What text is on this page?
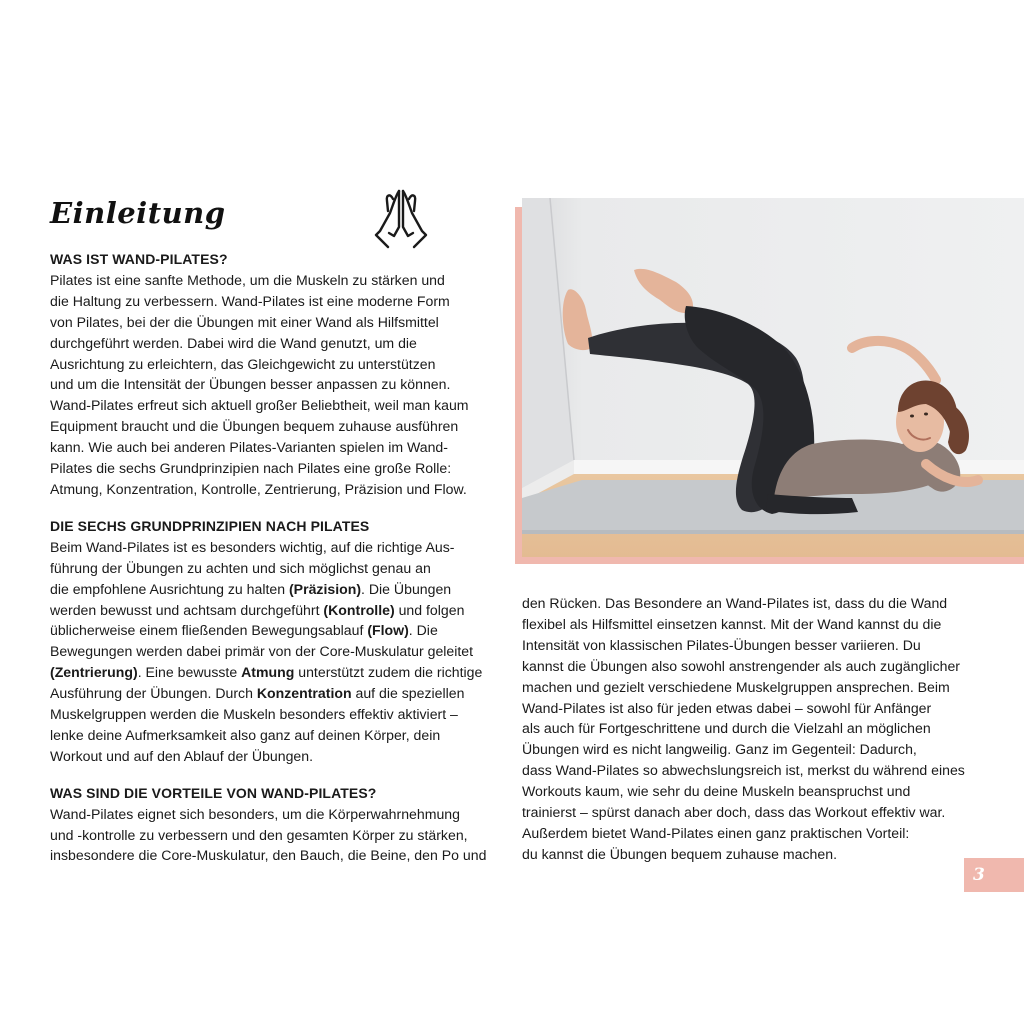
Einleitung
WAS IST WAND-PILATES?

Pilates ist eine sanfte Methode, um die Muskeln zu stärken und
die Haltung zu verbessern. Wand-Pilates ist eine moderne Form
von Pilates, bei der die Übungen mit einer Wand als Hilfsmittel
durchgeführt werden. Dabei wird die Wand genutzt, um die
Ausrichtung zu erleichtern, das Gleichgewicht zu unterstützen
und um die Intensität der Übungen besser anpassen zu können.
Wand-Pilates erfreut sich aktuell großer Beliebtheit, weil man kaum
Equipment braucht und die Übungen bequem zuhause ausführen
kann. Wie auch bei anderen Pilates-Varianten spielen im Wand-
Pilates die sechs Grundprinzipien nach Pilates eine große Rolle:
Atmung, Konzentration, Kontrolle, Zentrierung, Präzision und Flow.

DIE SECHS GRUNDPRINZIPIEN NACH PILATES

Beim Wand-Pilates ist es besonders wichtig, auf die richtige Aus-
führung der Übungen zu achten und sich möglichst genau an
die empfohlene Ausrichtung zu halten (Präzision). Die Übungen
werden bewusst und achtsam durchgeführt (Kontrolle) und folgen
üblicherweise einem fließenden Bewegungsablauf (Flow). Die
Bewegungen werden dabei primär von der Core-Muskulatur geleitet
(Zentrierung). Eine bewusste Atmung unterstützt zudem die richtige
Ausführung der Übungen. Durch Konzentration auf die speziellen
Muskelgruppen werden die Muskeln besonders effektiv aktiviert –
lenke deine Aufmerksamkeit also ganz auf deinen Körper, dein
Workout und auf den Ablauf der Übungen.

WAS SIND DIE VORTEILE VON WAND-PILATES?

Wand-Pilates eignet sich besonders, um die Körperwahrnehmung
und -kontrolle zu verbessern und den gesamten Körper zu stärken,
insbesondere die Core-Muskulatur, den Bauch, die Beine, den Po und

den Rücken. Das Besondere an Wand-Pilates ist, dass du die Wand
flexibel als Hilfsmittel einsetzen kannst. Mit der Wand kannst du die
Intensität von klassischen Pilates-Übungen besser variieren. Du
kannst die Übungen also sowohl anstrengender als auch zugänglicher
machen und gezielt verschiedene Muskelgruppen ansprechen. Beim
Wand-Pilates ist also für jeden etwas dabei – sowohl für Anfänger
als auch für Fortgeschrittene und durch die Vielzahl an möglichen
Übungen wird es nicht langweilig. Ganz im Gegenteil: Dadurch,
dass Wand-Pilates so abwechslungsreich ist, merkst du während eines
Workouts kaum, wie sehr du deine Muskeln beanspruchst und
trainierst – spürst danach aber doch, dass das Workout effektiv war.
Außerdem bietet Wand-Pilates einen ganz praktischen Vorteil:
du kannst die Übungen bequem zuhause machen.

3
